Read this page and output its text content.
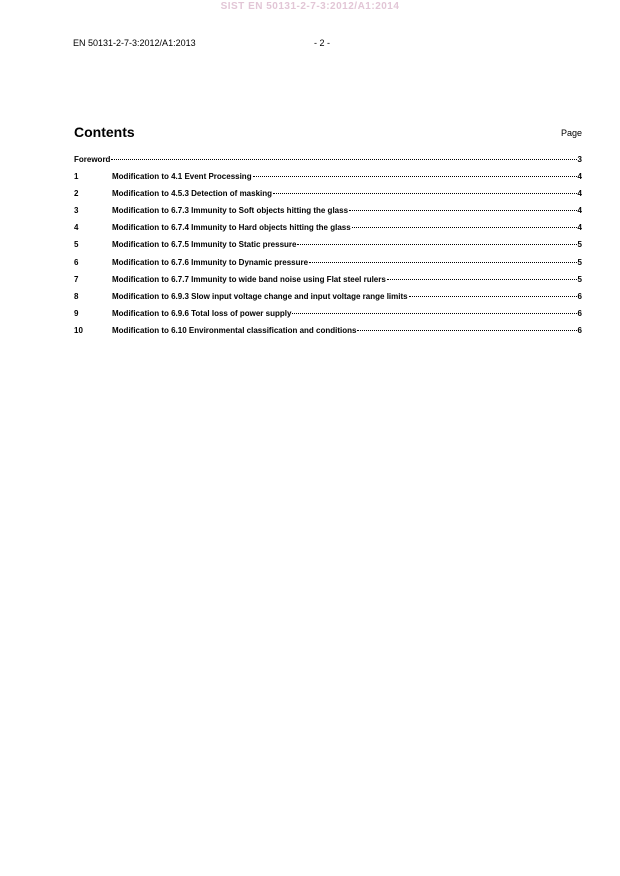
SIST EN 50131-2-7-3:2012/A1:2014
EN 50131-2-7-3:2012/A1:2013	- 2 -
Contents	Page
Foreword	3
1	Modification to 4.1 Event Processing	4
2	Modification to 4.5.3 Detection of masking	4
3	Modification to 6.7.3 Immunity to Soft objects hitting the glass	4
4	Modification to 6.7.4 Immunity to Hard objects hitting the glass	4
5	Modification to 6.7.5 Immunity to Static pressure	5
6	Modification to 6.7.6 Immunity to Dynamic pressure	5
7	Modification to 6.7.7 Immunity to wide band noise using Flat steel rulers	5
8	Modification to 6.9.3 Slow input voltage change and input voltage range limits	6
9	Modification to 6.9.6 Total loss of power supply	6
10	Modification to 6.10 Environmental classification and conditions	6
